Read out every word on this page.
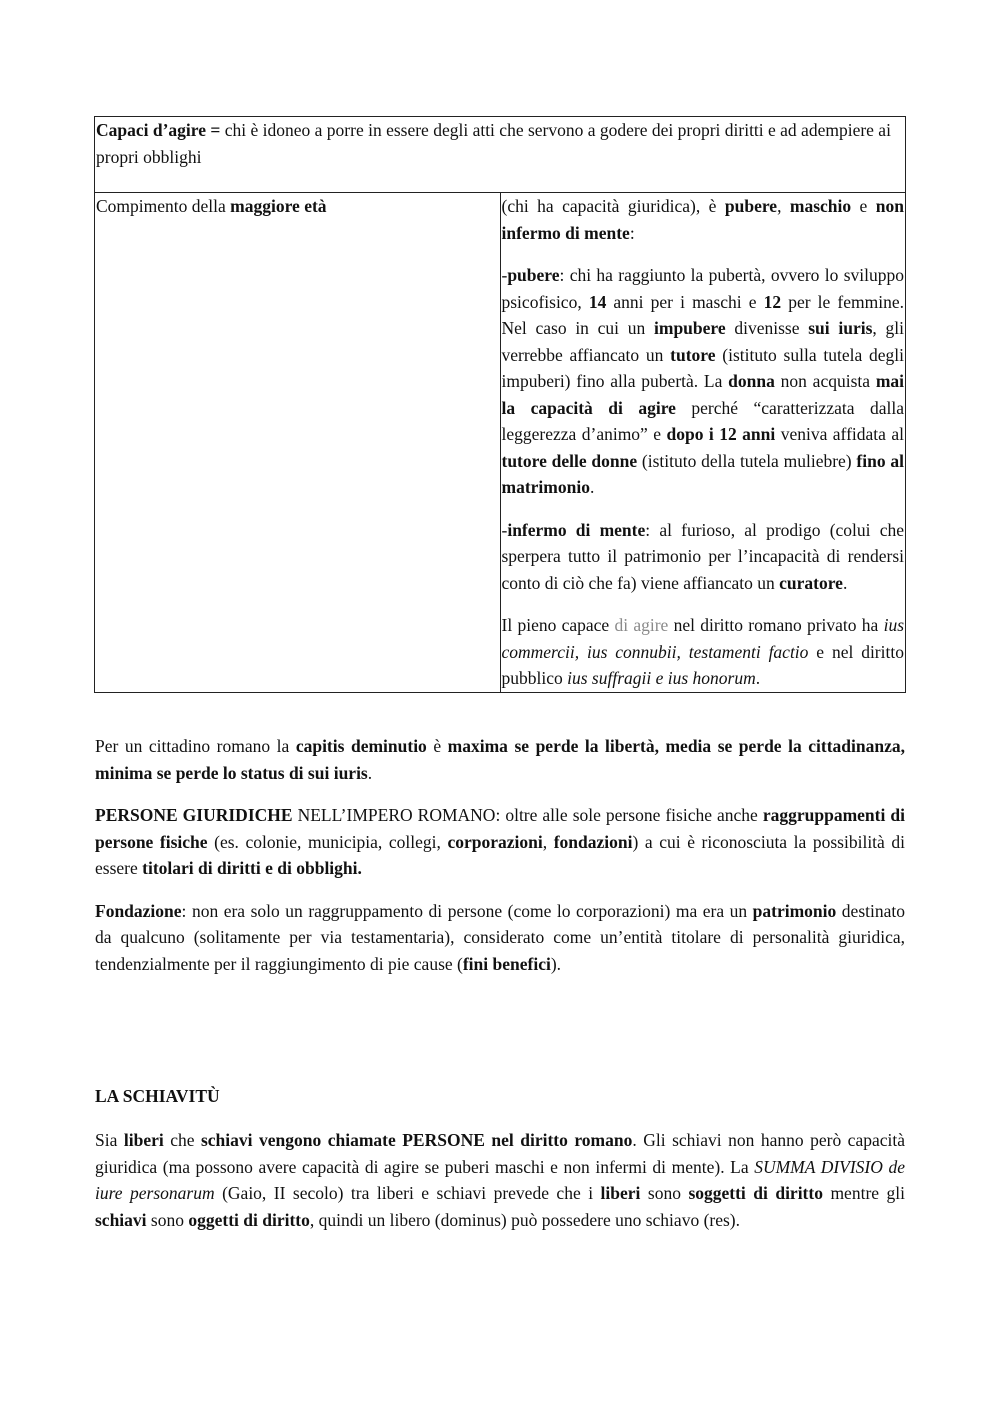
Capaci d’agire = chi è idoneo a porre in essere degli atti che servono a godere dei propri diritti e ad adempiere ai propri obblighi
Compimento della maggiore età	(chi ha capacità giuridica), è pubere, maschio e non infermo di mente:

-pubere: chi ha raggiunto la pubertà, ovvero lo sviluppo psicofisico, 14 anni per i maschi e 12 per le femmine. Nel caso in cui un impubere divenisse sui iuris, gli verrebbe affiancato un tutore (istituto sulla tutela degli impuberi) fino alla pubertà. La donna non acquista mai la capacità di agire perché “caratterizzata dalla leggerezza d’animo” e dopo i 12 anni veniva affidata al tutore delle donne (istituto della tutela muliebre) fino al matrimonio.

-infermo di mente: al furioso, al prodigo (colui che sperpera tutto il patrimonio per l’incapacità di rendersi conto di ciò che fa) viene affiancato un curatore.

Il pieno capace di agire nel diritto romano privato ha ius commercii, ius connubii, testamenti factio e nel diritto pubblico ius suffragii e ius honorum.

Per un cittadino romano la capitis deminutio è maxima se perde la libertà, media se perde la cittadinanza, minima se perde lo status di sui iuris.

PERSONE GIURIDICHE NELL’IMPERO ROMANO: oltre alle sole persone fisiche anche raggruppamenti di persone fisiche (es. colonie, municipia, collegi, corporazioni, fondazioni) a cui è riconosciuta la possibilità di essere titolari di diritti e di obblighi.

Fondazione: non era solo un raggruppamento di persone (come lo corporazioni) ma era un patrimonio destinato da qualcuno (solitamente per via testamentaria), considerato come un’entità titolare di personalità giuridica, tendenzialmente per il raggiungimento di pie cause (fini benefici).

LA SCHIAVITÙ

Sia liberi che schiavi vengono chiamate PERSONE nel diritto romano. Gli schiavi non hanno però capacità giuridica (ma possono avere capacità di agire se puberi maschi e non infermi di mente). La SUMMA DIVISIO de iure personarum (Gaio, II secolo) tra liberi e schiavi prevede che i liberi sono soggetti di diritto mentre gli schiavi sono oggetti di diritto, quindi un libero (dominus) può possedere uno schiavo (res).
